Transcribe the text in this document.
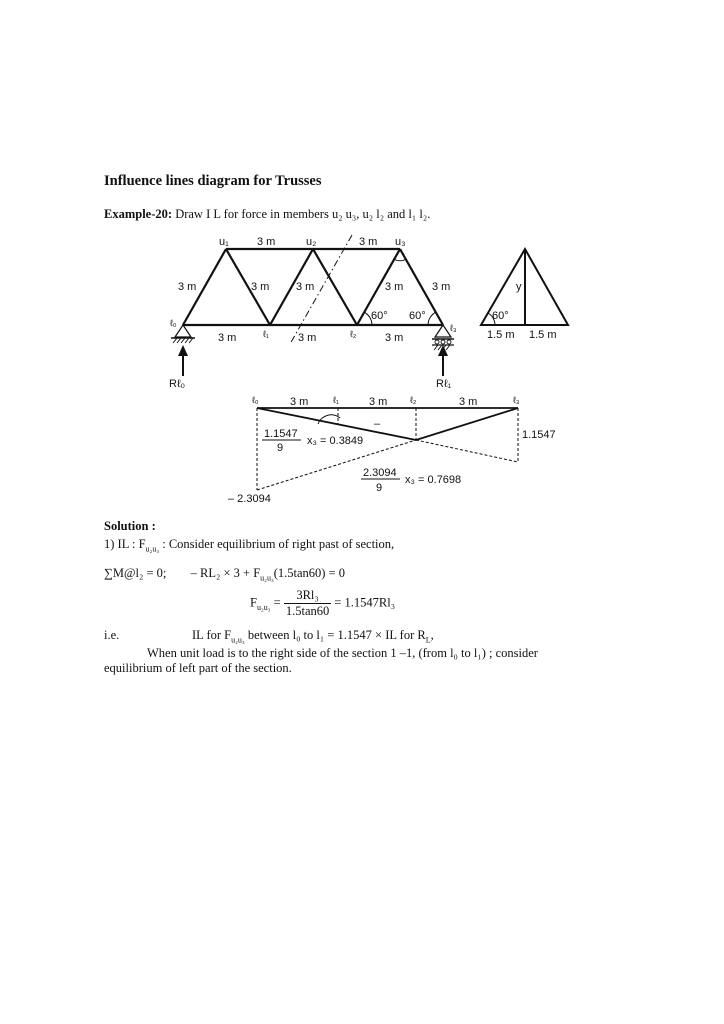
Influence lines diagram for Trusses
Example-20: Draw I L for force in members u₂ u₃, u₂ l₂ and l₁ l₂.
u₁	u₂	u₃
3 m	3 m
3 m	3 m 3 m	3 m	3 m
60° 60°
3 m	3 m	3 m
Rℓ₀	Rℓ₁
ℓ₀
ℓ₁	ℓ₂
ℓ₃
y
60°
1.5 m 1.5 m
ℓ₀	ℓ₁	ℓ₂	ℓ₃
3 m	3 m	3 m
–
1.1547
9
x₃ = 0.3849	1.1547
2.3094
9
x₃ = 0.7698
– 2.3094
Solution :
1) IL : $F_{u_2u_3}$ : Consider equilibrium of right past of section,
∑M@l₂ = 0; – $RL_2 \times 3 + F_{u_2u_3}(1.5\tan 60) = 0$
$F_{u_2u_3} = \frac{\text{3Rl₃}}{1.5\tan 60} = 1.1547Rl_3$
i.e.	IL for $F_{u_2u_3}$ between l₀ to l₁ = 1.1547 × IL for $R_L$,
When unit load is to the right side of the section 1 –1, (from l₀ to l₁) ; consider
equilibrium of left part of the section.
